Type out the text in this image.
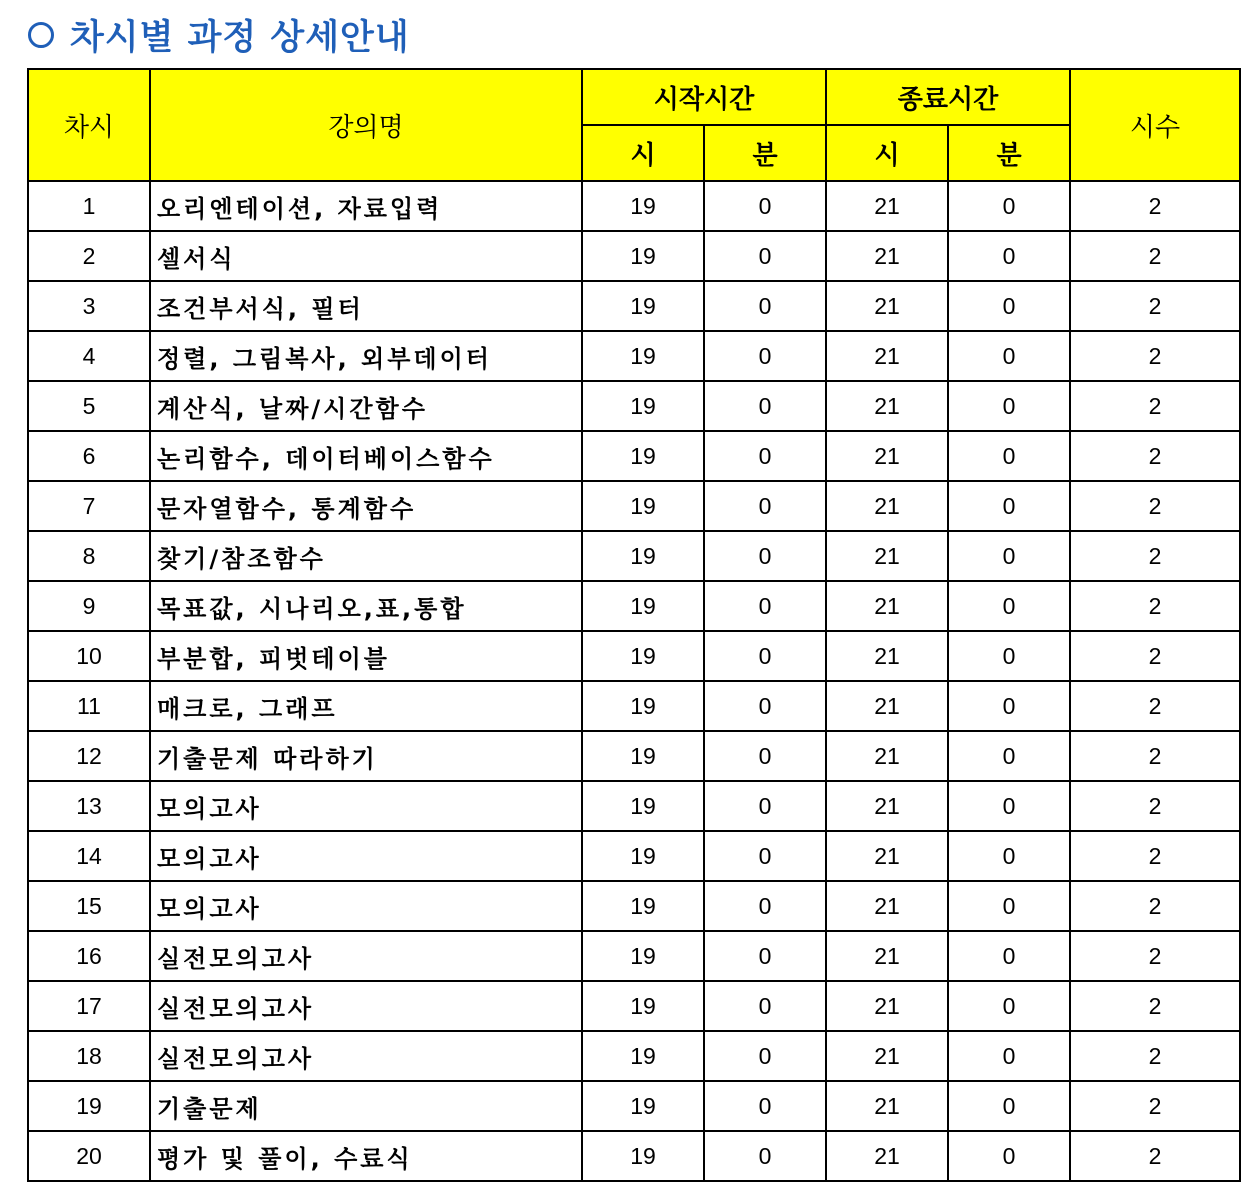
차시별 과정 상세안내
차시	강의명	시작시간		종료시간		시수
		시	분	시	분	
1	오리엔테이션, 자료입력	19	0	21	0	2
2	셀서식	19	0	21	0	2
3	조건부서식, 필터	19	0	21	0	2
4	정렬, 그림복사, 외부데이터	19	0	21	0	2
5	계산식, 날짜/시간함수	19	0	21	0	2
6	논리함수, 데이터베이스함수	19	0	21	0	2
7	문자열함수, 통계함수	19	0	21	0	2
8	찾기/참조함수	19	0	21	0	2
9	목표값, 시나리오,표,통합	19	0	21	0	2
10	부분합, 피벗테이블	19	0	21	0	2
11	매크로, 그래프	19	0	21	0	2
12	기출문제 따라하기	19	0	21	0	2
13	모의고사	19	0	21	0	2
14	모의고사	19	0	21	0	2
15	모의고사	19	0	21	0	2
16	실전모의고사	19	0	21	0	2
17	실전모의고사	19	0	21	0	2
18	실전모의고사	19	0	21	0	2
19	기출문제	19	0	21	0	2
20	평가 및 풀이, 수료식	19	0	21	0	2
